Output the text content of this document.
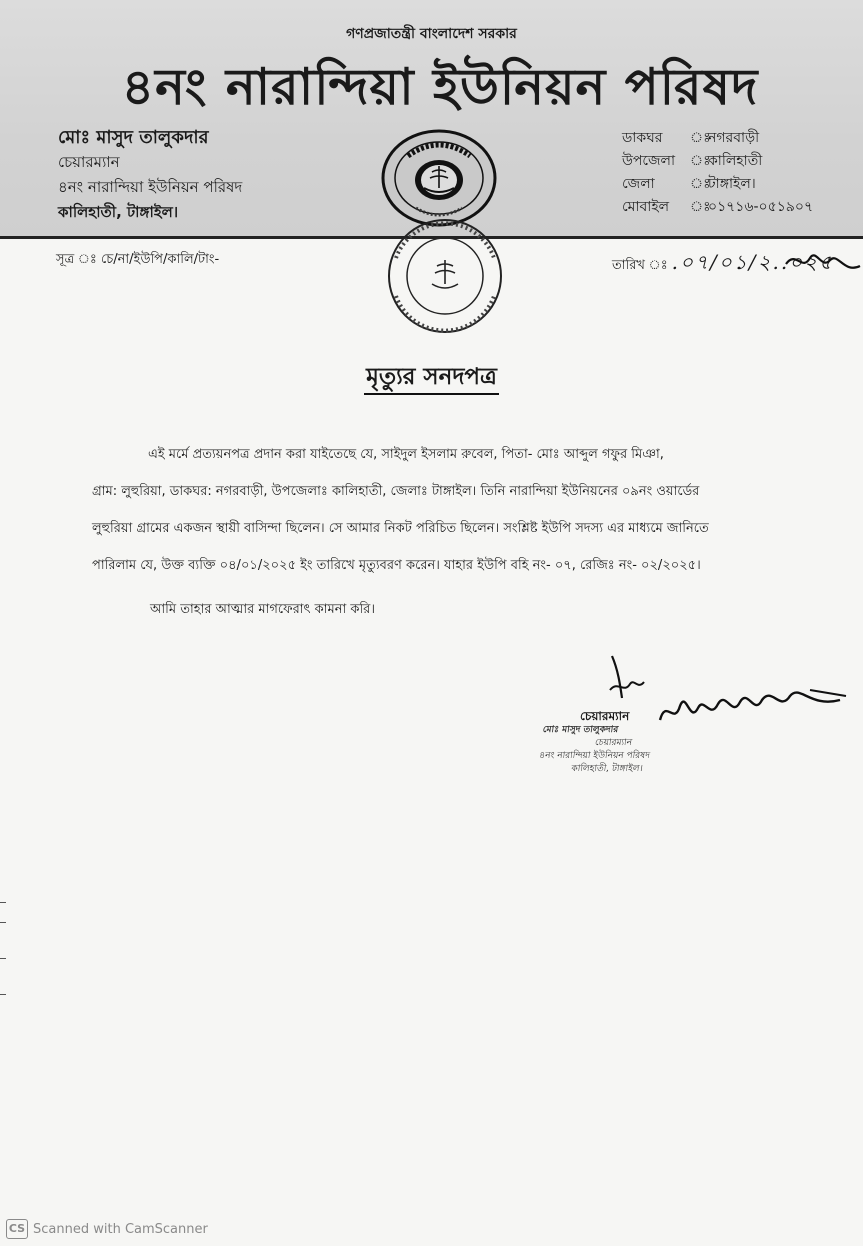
গণপ্রজাতন্ত্রী বাংলাদেশ সরকার
৪নং নারান্দিয়া ইউনিয়ন পরিষদ
মোঃ মাসুদ তালুকদার
চেয়ারম্যান
৪নং নারান্দিয়া ইউনিয়ন পরিষদ
কালিহাতী, টাঙ্গাইল।
ডাকঘর ঃনগরবাড়ী
উপজেলা ঃকালিহাতী
জেলা	ঃটাঙ্গাইল।
মোবাইল ঃ০১৭১৬-০৫১৯০৭
সূত্র ঃ চে/না/ইউপি/কালি/টাং-	তারিখ ঃ .০৭/০১/২..০২৫
মৃত্যুর সনদপত্র
এই মর্মে প্রত্যয়নপত্র প্রদান করা যাইতেছে যে, সাইদুল ইসলাম রুবেল, পিতা- মোঃ আব্দুল গফুর মিঞা,
গ্রাম: লুহুরিয়া, ডাকঘর: নগরবাড়ী, উপজেলাঃ কালিহাতী, জেলাঃ টাঙ্গাইল। তিনি নারান্দিয়া ইউনিয়নের ০৯নং ওয়ার্ডের
লুহুরিয়া গ্রামের একজন স্থায়ী বাসিন্দা ছিলেন। সে আমার নিকট পরিচিত ছিলেন। সংশ্লিষ্ট ইউপি সদস্য এর মাধ্যমে জানিতে
পারিলাম যে, উক্ত ব্যক্তি ০৪/০১/২০২৫ ইং তারিখে মৃত্যুবরণ করেন। যাহার ইউপি বহি নং- ০৭, রেজিঃ নং- ০২/২০২৫।
আমি তাহার আত্মার মাগফেরাৎ কামনা করি।
চেয়ারম্যান
মোঃ মাসুদ তালুকদার
চেয়ারম্যান
৪নং নারান্দিয়া ইউনিয়ন পরিষদ
কালিহাতী, টাঙ্গাইল।
CS Scanned with CamScanner
